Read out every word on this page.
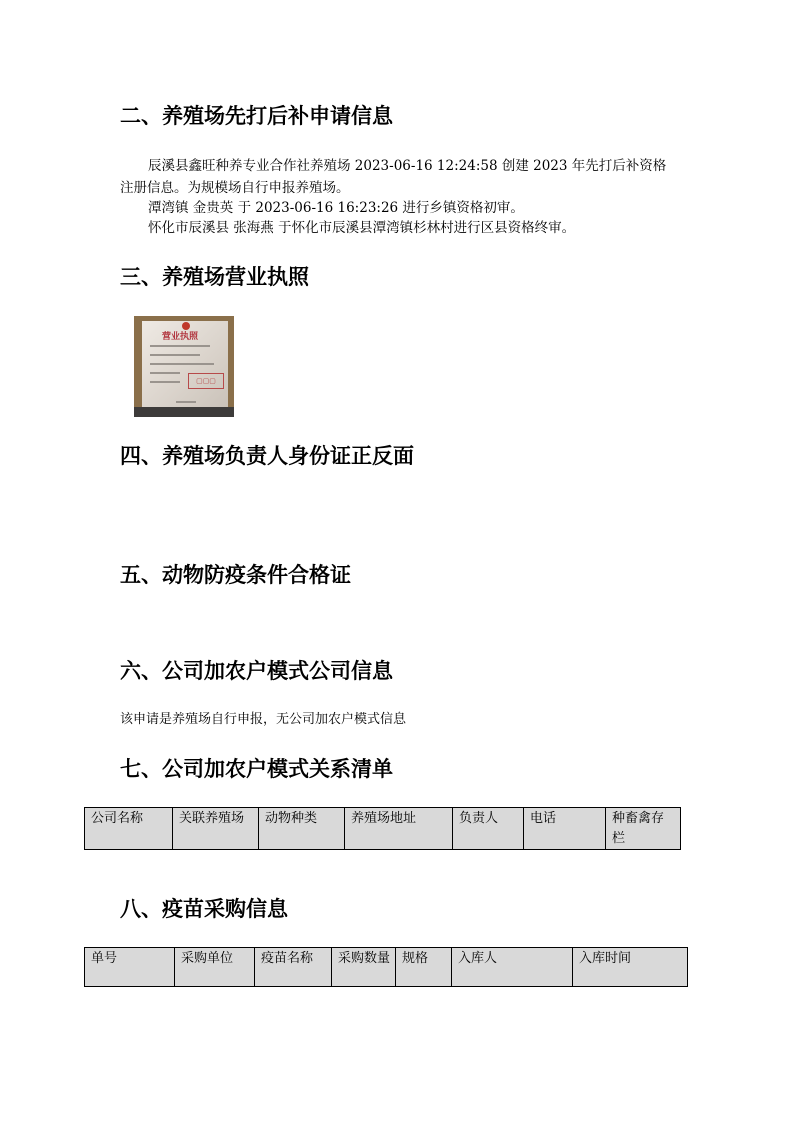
二、养殖场先打后补申请信息

辰溪县鑫旺种养专业合作社养殖场 2023-06-16 12:24:58 创建 2023 年先打后补资格

注册信息。为规模场自行申报养殖场。

潭湾镇 金贵英 于 2023-06-16 16:23:26 进行乡镇资格初审。

怀化市辰溪县 张海燕 于怀化市辰溪县潭湾镇杉林村进行区县资格终审。

三、养殖场营业执照
营业执照
▢▢▢
四、养殖场负责人身份证正反面
五、动物防疫条件合格证
六、公司加农户模式公司信息

该申请是养殖场自行申报，无公司加农户模式信息

七、公司加农户模式关系清单
公司名称	关联养殖场	动物种类	养殖场地址	负责人	电话	种畜禽存栏
八、疫苗采购信息
单号	采购单位	疫苗名称	采购数量	规格	入库人	入库时间
